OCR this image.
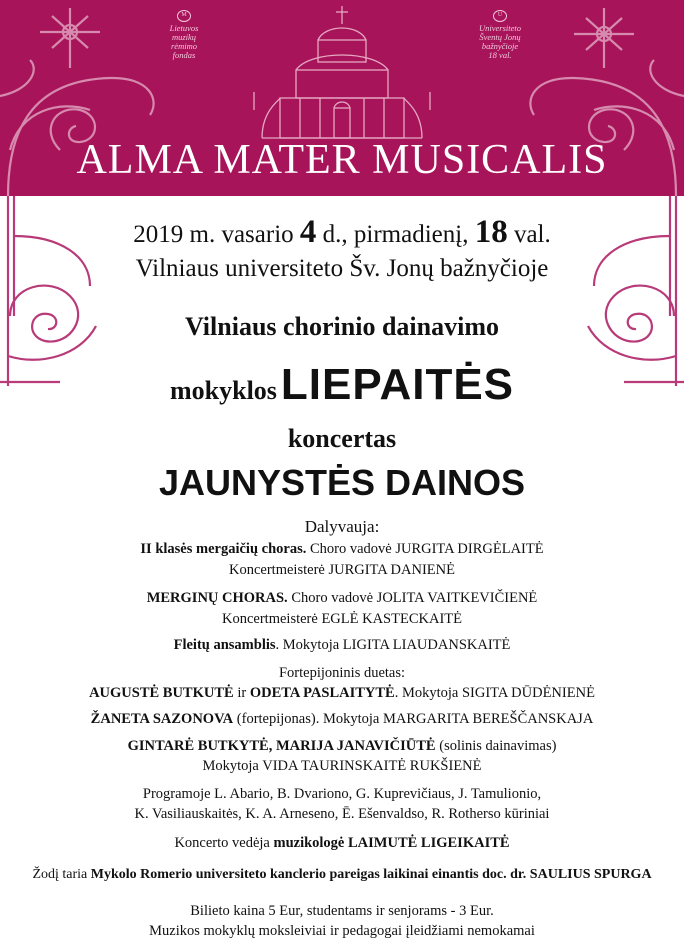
M
Lietuvos
muzikų
rėmimo
fondas
U
Universiteto
Šventų Jonų
bažnyčioje
18 val.
ALMA MATER MUSICALIS
2019 m. vasario 4 d., pirmadienį, 18 val.
Vilniaus universiteto Šv. Jonų bažnyčioje
Vilniaus chorinio dainavimo
mokyklos LIEPAITĖS
koncertas
JAUNYSTĖS DAINOS
Dalyvauja:
II klasės mergaičių choras. Choro vadovė JURGITA DIRGĖLAITĖ
Koncertmeisterė JURGITA DANIENĖ
MERGINŲ CHORAS. Choro vadovė JOLITA VAITKEVIČIENĖ
Koncertmeisterė EGLĖ KASTECKAITĖ
Fleitų ansamblis. Mokytoja LIGITA LIAUDANSKAITĖ
Fortepijoninis duetas:
AUGUSTĖ BUTKUTĖ ir ODETA PASLAITYTĖ. Mokytoja SIGITA DŪDĖNIENĖ
ŽANETA SAZONOVA (fortepijonas). Mokytoja MARGARITA BEREŠČANSKAJA
GINTARĖ BUTKYTĖ, MARIJA JANAVIČIŪTĖ (solinis dainavimas)
Mokytoja VIDA TAURINSKAITĖ RUKŠIENĖ
Programoje L. Abario, B. Dvariono, G. Kuprevičiaus, J. Tamulionio,
K. Vasiliauskaitės, K. A. Arneseno, Ē. Ešenvaldso, R. Rotherso kūriniai
Koncerto vedėja muzikologė LAIMUTĖ LIGEIKAITĖ
Žodį taria Mykolo Romerio universiteto kanclerio pareigas laikinai einantis doc. dr. SAULIUS SPURGA
Bilieto kaina 5 Eur, studentams ir senjorams - 3 Eur.
Muzikos mokyklų moksleiviai ir pedagogai įleidžiami nemokamai
